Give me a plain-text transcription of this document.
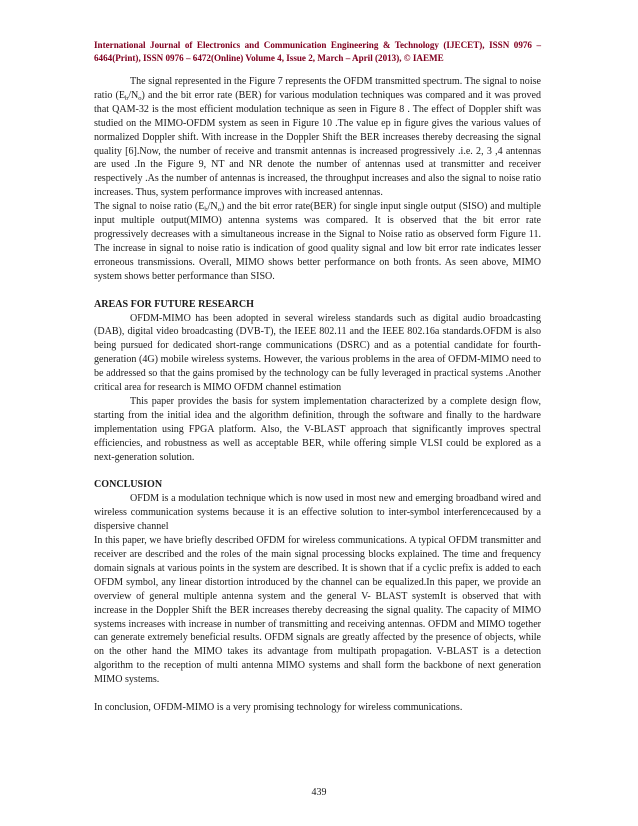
International Journal of Electronics and Communication Engineering & Technology (IJECET), ISSN 0976 – 6464(Print), ISSN 0976 – 6472(Online) Volume 4, Issue 2, March – April (2013), © IAEME

The signal represented in the Figure 7 represents the OFDM transmitted spectrum. The signal to noise ratio $(E_b/N_o)$ and the bit error rate (BER) for various modulation techniques was compared and it was proved that QAM-32 is the most efficient modulation technique as seen in Figure 8 . The effect of Doppler shift was studied on the MIMO-OFDM system as seen in Figure 10 .The value ep in figure gives the various values of normalized Doppler shift. With increase in the Doppler Shift the BER increases thereby decreasing the signal quality [6].Now, the number of receive and transmit antennas is increased progressively .i.e. 2, 3 ,4 antennas are used .In the Figure 9, NT and NR denote the number of antennas used at transmitter and receiver respectively .As the number of antennas is increased, the throughput increases and also the signal to noise ratio increases. Thus, system performance improves with increased antennas.

The signal to noise ratio $(E_b/N_o)$ and the bit error rate(BER) for single input single output (SISO) and multiple input multiple output(MIMO) antenna systems was compared. It is observed that the bit error rate progressively decreases with a simultaneous increase in the Signal to Noise ratio as observed form Figure 11. The increase in signal to noise ratio is indication of good quality signal and low bit error rate indicates lesser erroneous transmissions. Overall, MIMO shows better performance on both fronts. As seen above, MIMO system shows better performance than SISO.

AREAS FOR FUTURE RESEARCH

OFDM-MIMO has been adopted in several wireless standards such as digital audio broadcasting (DAB), digital video broadcasting (DVB-T), the IEEE 802.11 and the IEEE 802.16a standards.OFDM is also being pursued for dedicated short-range communications (DSRC) and as a potential candidate for fourth-generation (4G) mobile wireless systems. However, the various problems in the area of OFDM-MIMO need to be addressed so that the gains promised by the technology can be fully leveraged in practical systems .Another critical area for research is MIMO OFDM channel estimation

This paper provides the basis for system implementation characterized by a complete design flow, starting from the initial idea and the algorithm definition, through the software and finally to the hardware implementation using FPGA platform. Also, the V-BLAST approach that significantly improves spectral efficiencies, and robustness as well as acceptable BER, while offering simple VLSI could be explored as a next-generation solution.

CONCLUSION

OFDM is a modulation technique which is now used in most new and emerging broadband wired and wireless communication systems because it is an effective solution to inter-symbol interferencecaused by a dispersive channel

In this paper, we have briefly described OFDM for wireless communications. A typical OFDM transmitter and receiver are described and the roles of the main signal processing blocks explained. The time and frequency domain signals at various points in the system are described. It is shown that if a cyclic prefix is added to each OFDM symbol, any linear distortion introduced by the channel can be equalized.In this paper, we provide an overview of general multiple antenna system and the general V- BLAST systemIt is observed that with increase in the Doppler Shift the BER increases thereby decreasing the signal quality. The capacity of MIMO systems increases with increase in number of transmitting and receiving antennas. OFDM and MIMO together can generate extremely beneficial results. OFDM signals are greatly affected by the presence of objects, while on the other hand the MIMO takes its advantage from multipath propagation. V-BLAST is a detection algorithm to the reception of multi antenna MIMO systems and shall form the backbone of next generation MIMO systems.

In conclusion, OFDM-MIMO is a very promising technology for wireless communications.

439
